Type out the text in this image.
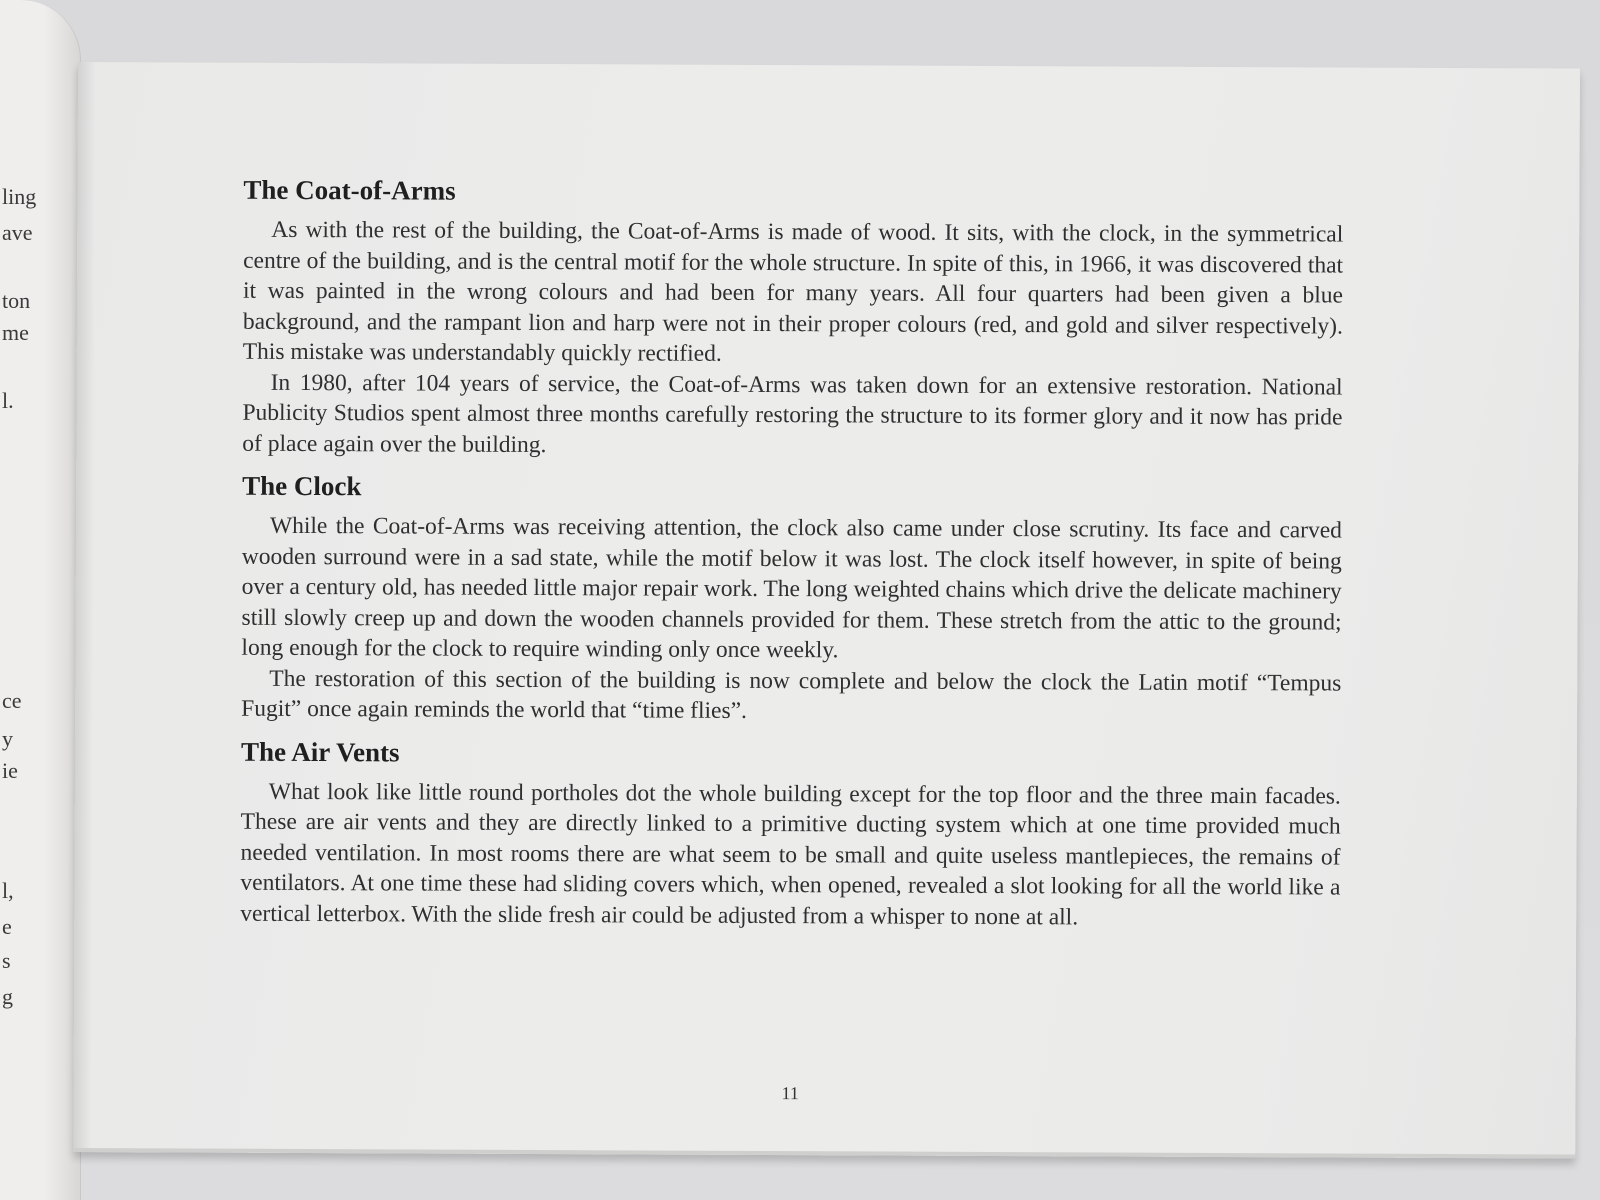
ling
ave
ton
me
l.
ce
y
ie
l,
e
s
g
The Coat-of-Arms

As with the rest of the building, the Coat-of-Arms is made of wood. It sits, with the clock, in the symmetrical centre of the building, and is the central motif for the whole structure. In spite of this, in 1966, it was discovered that it was painted in the wrong colours and had been for many years. All four quarters had been given a blue background, and the rampant lion and harp were not in their proper colours (red, and gold and silver respectively). This mistake was understandably quickly rectified.

In 1980, after 104 years of service, the Coat-of-Arms was taken down for an extensive restoration. National Publicity Studios spent almost three months carefully restoring the structure to its former glory and it now has pride of place again over the building.

The Clock

While the Coat-of-Arms was receiving attention, the clock also came under close scrutiny. Its face and carved wooden surround were in a sad state, while the motif below it was lost. The clock itself however, in spite of being over a century old, has needed little major repair work. The long weighted chains which drive the delicate machinery still slowly creep up and down the wooden channels provided for them. These stretch from the attic to the ground; long enough for the clock to require winding only once weekly.

The restoration of this section of the building is now complete and below the clock the Latin motif “Tempus Fugit” once again reminds the world that “time flies”.

The Air Vents

What look like little round portholes dot the whole building except for the top floor and the three main facades. These are air vents and they are directly linked to a primitive ducting system which at one time provided much needed ventilation. In most rooms there are what seem to be small and quite useless mantlepieces, the remains of ventilators. At one time these had sliding covers which, when opened, revealed a slot looking for all the world like a vertical letterbox. With the slide fresh air could be adjusted from a whisper to none at all.

11
